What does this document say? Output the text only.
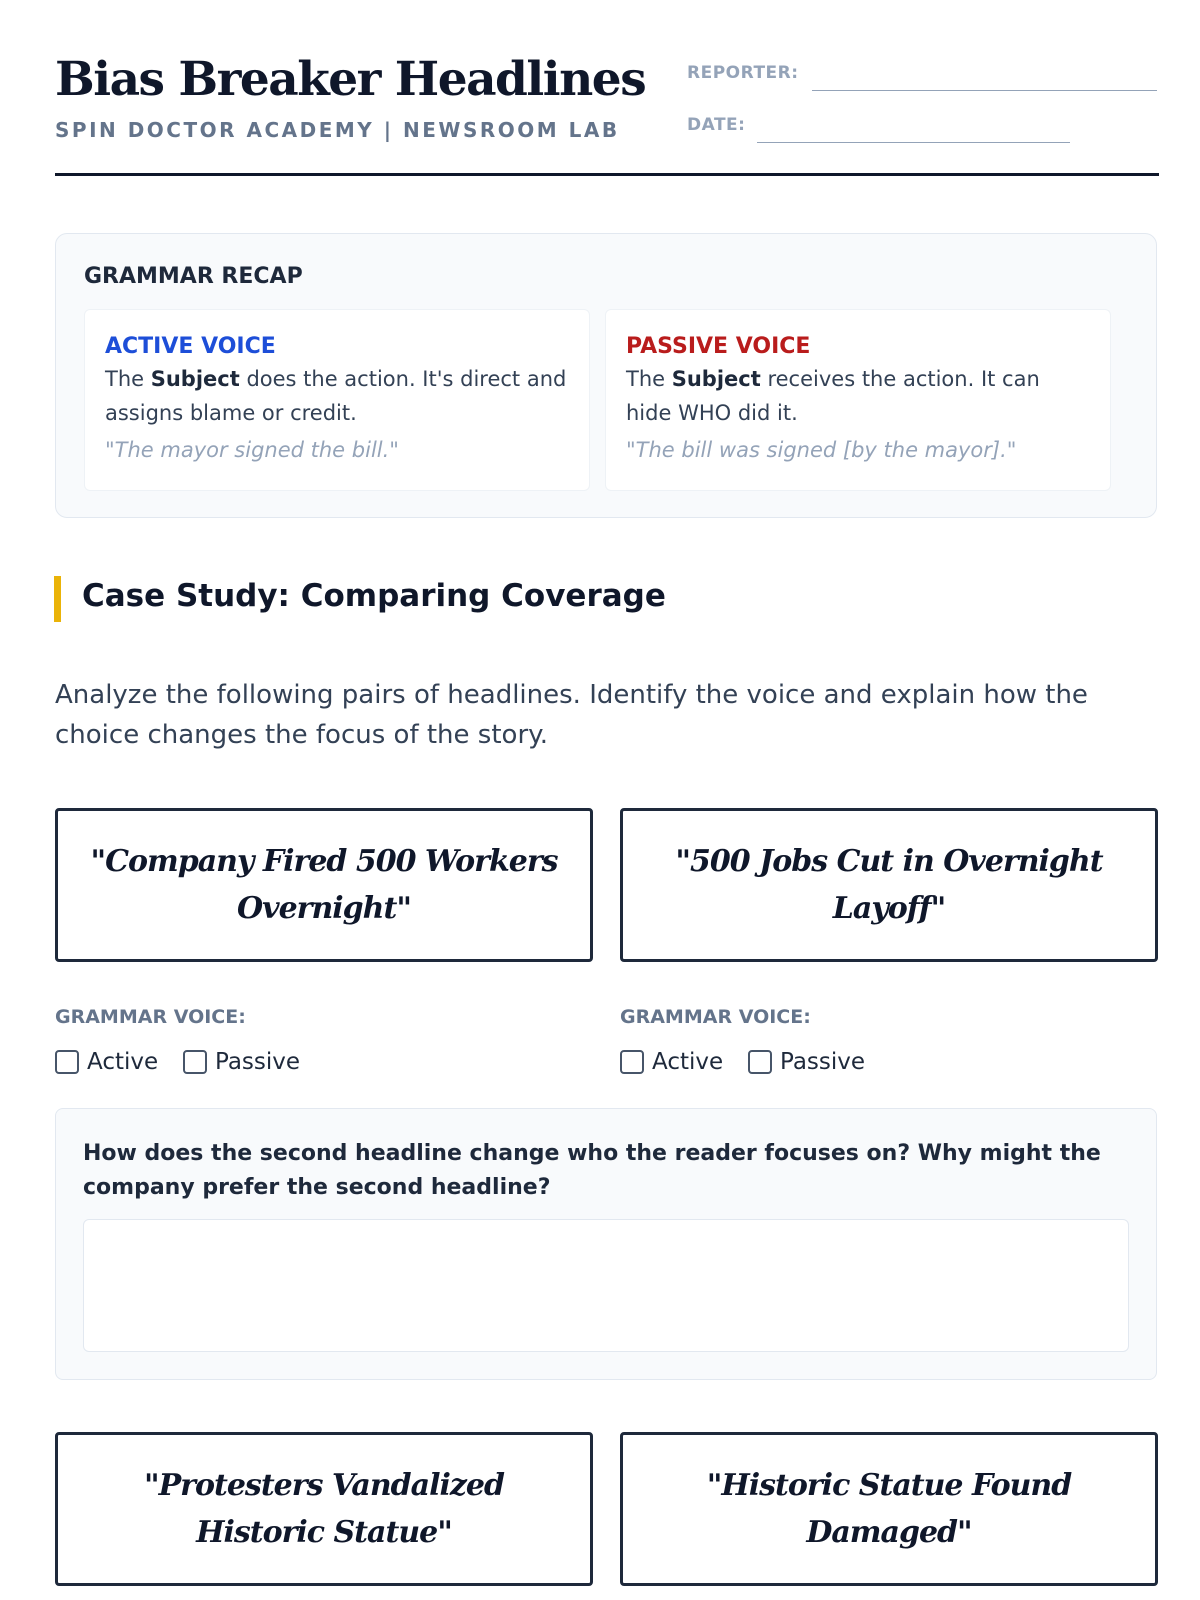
Bias Breaker Headlines
SPIN DOCTOR ACADEMY | NEWSROOM LAB
REPORTER:
DATE:
GRAMMAR RECAP
ACTIVE VOICE
The Subject does the action. It's direct and assigns blame or credit.
"The mayor signed the bill."
PASSIVE VOICE
The Subject receives the action. It can hide WHO did it.
"The bill was signed [by the mayor]."
Case Study: Comparing Coverage
Analyze the following pairs of headlines. Identify the voice and explain how the choice changes the focus of the story.
"Company Fired 500 Workers Overnight"
"500 Jobs Cut in Overnight Layoff"
GRAMMAR VOICE:
Active Passive
GRAMMAR VOICE:
Active Passive
How does the second headline change who the reader focuses on? Why might the company prefer the second headline?
"Protesters Vandalized Historic Statue"
"Historic Statue Found Damaged"
